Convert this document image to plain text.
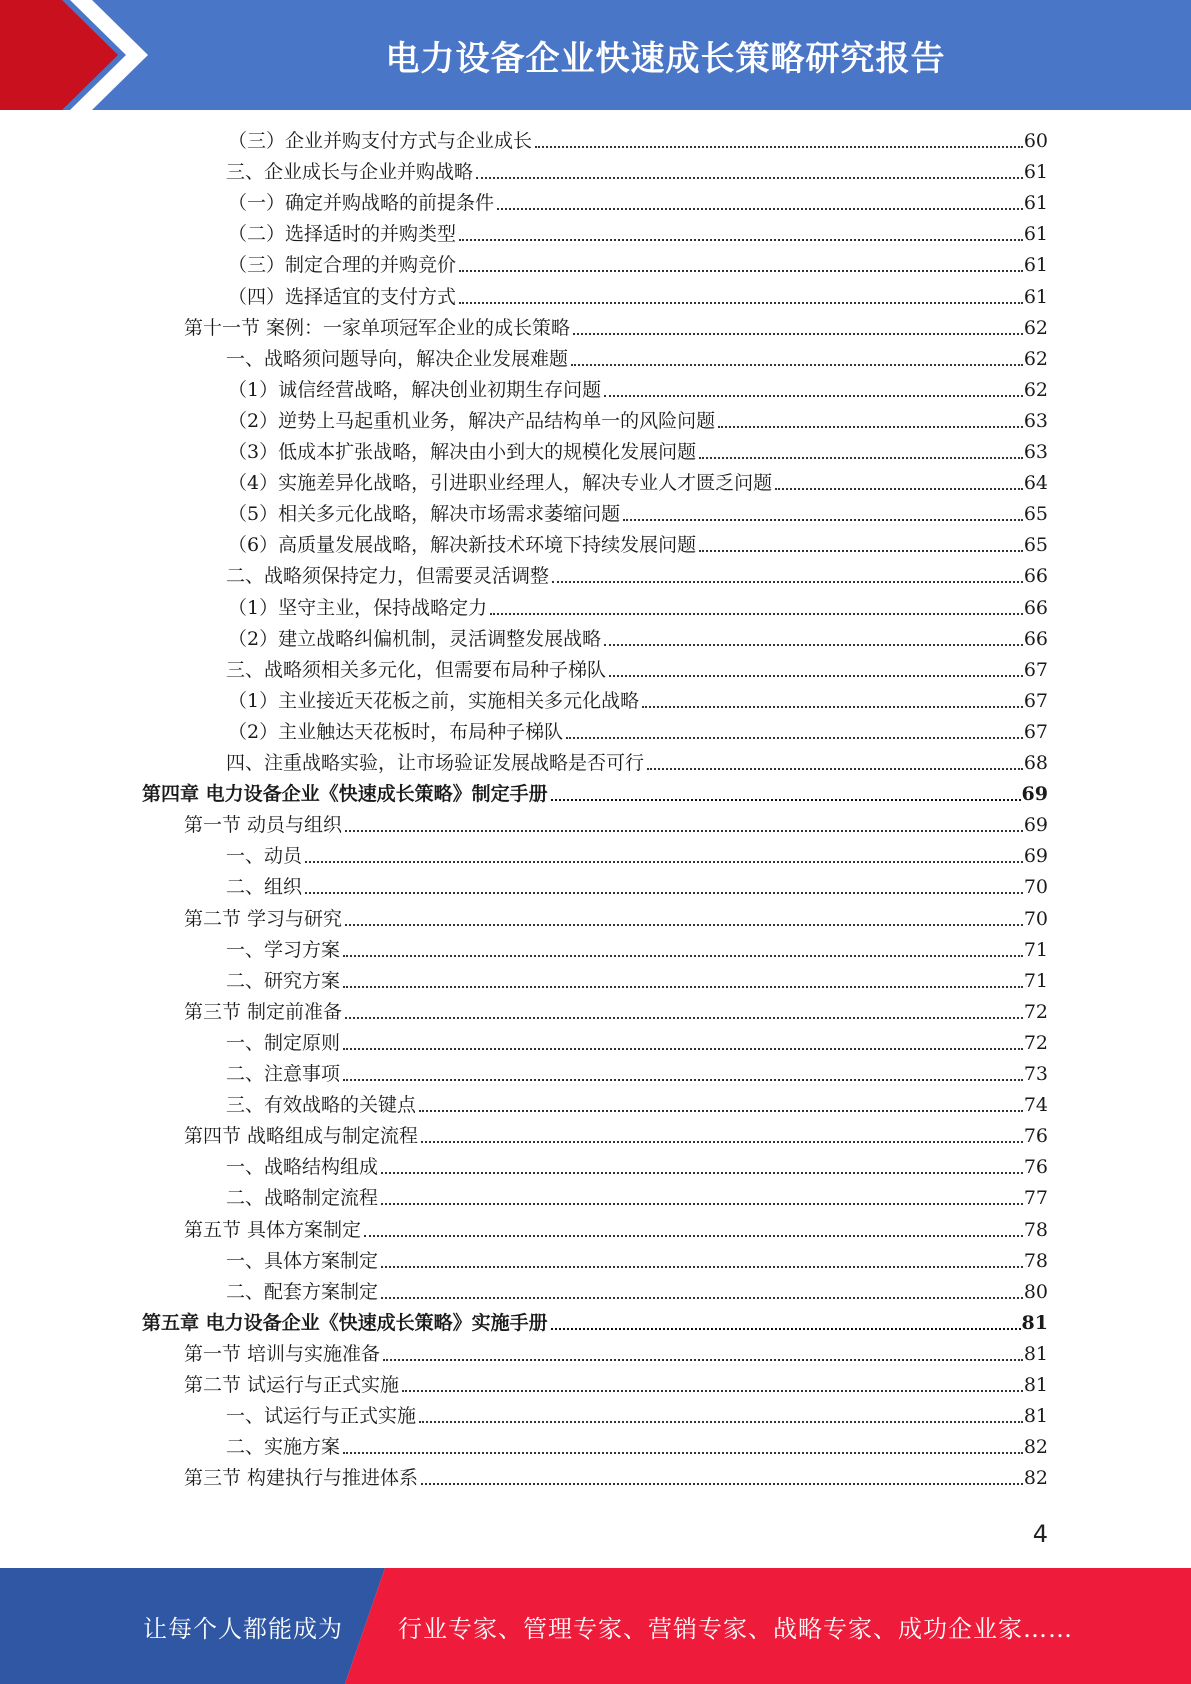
电力设备企业快速成长策略研究报告
（三）企业并购支付方式与企业成长	60
三、企业成长与企业并购战略	61
（一）确定并购战略的前提条件	61
（二）选择适时的并购类型	61
（三）制定合理的并购竞价	61
（四）选择适宜的支付方式	61
第十一节 案例：一家单项冠军企业的成长策略	62
一、战略须问题导向，解决企业发展难题	62
（1）诚信经营战略，解决创业初期生存问题	62
（2）逆势上马起重机业务，解决产品结构单一的风险问题	63
（3）低成本扩张战略，解决由小到大的规模化发展问题	63
（4）实施差异化战略，引进职业经理人，解决专业人才匮乏问题	64
（5）相关多元化战略，解决市场需求萎缩问题	65
（6）高质量发展战略，解决新技术环境下持续发展问题	65
二、战略须保持定力，但需要灵活调整	66
（1）坚守主业，保持战略定力	66
（2）建立战略纠偏机制，灵活调整发展战略	66
三、战略须相关多元化，但需要布局种子梯队	67
（1）主业接近天花板之前，实施相关多元化战略	67
（2）主业触达天花板时，布局种子梯队	67
四、注重战略实验，让市场验证发展战略是否可行	68
第四章 电力设备企业《快速成长策略》制定手册	69
第一节 动员与组织	69
一、动员	69
二、组织	70
第二节 学习与研究	70
一、学习方案	71
二、研究方案	71
第三节 制定前准备	72
一、制定原则	72
二、注意事项	73
三、有效战略的关键点	74
第四节 战略组成与制定流程	76
一、战略结构组成	76
二、战略制定流程	77
第五节 具体方案制定	78
一、具体方案制定	78
二、配套方案制定	80
第五章 电力设备企业《快速成长策略》实施手册	81
第一节 培训与实施准备	81
第二节 试运行与正式实施	81
一、试运行与正式实施	81
二、实施方案	82
第三节 构建执行与推进体系	82
4
让每个人都能成为 行业专家、管理专家、营销专家、战略专家、成功企业家……
